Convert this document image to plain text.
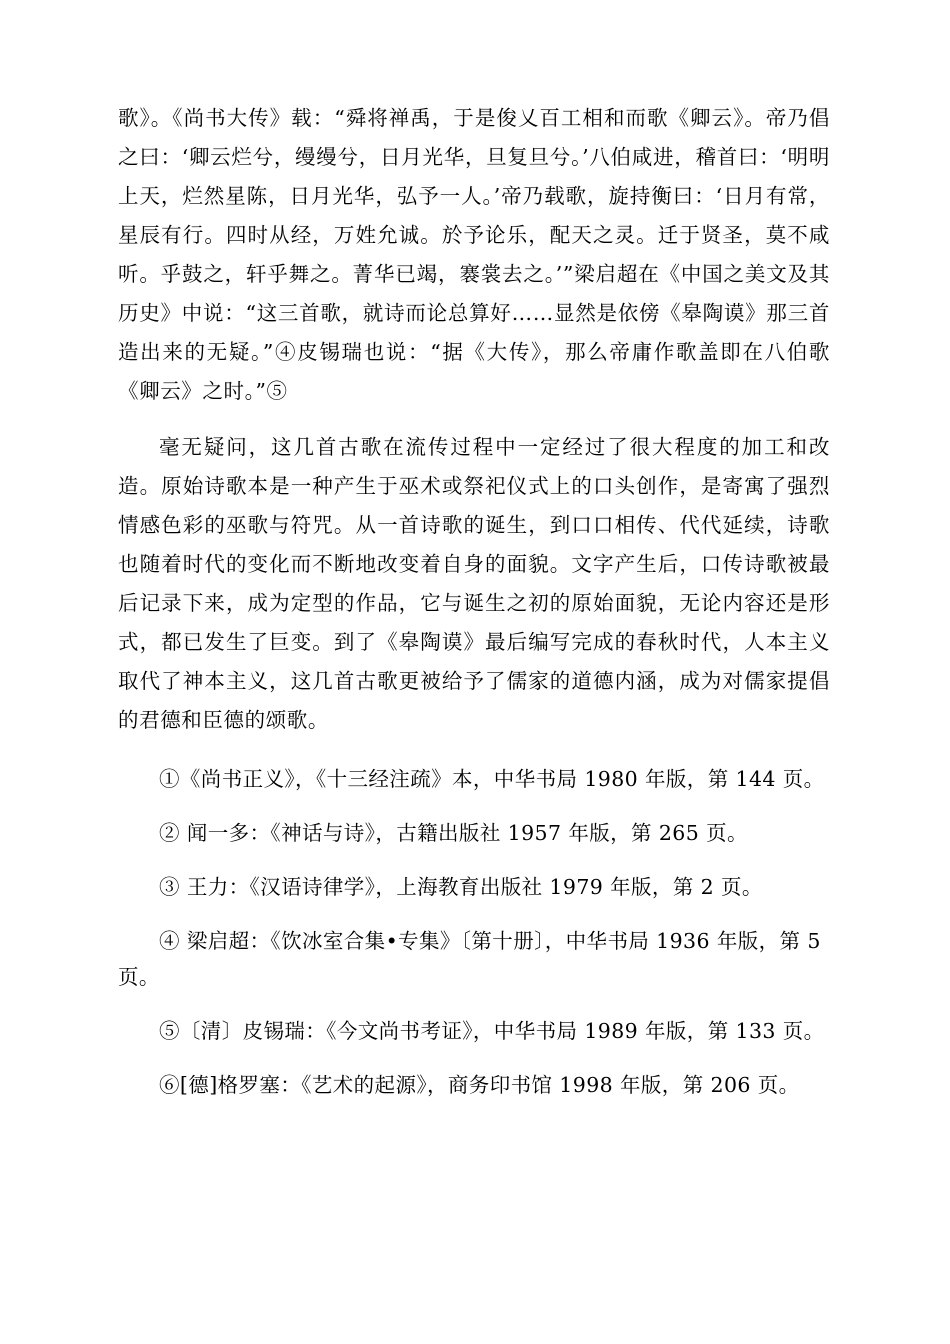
歌》。《尚书大传》载：“舜将禅禹，于是俊乂百工相和而歌《卿云》。帝乃倡之曰：‘卿云烂兮，缦缦兮，日月光华，旦复旦兮。’八伯咸进，稽首曰：‘明明上天，烂然星陈，日月光华，弘予一人。’帝乃载歌，旋持衡曰：‘日月有常，星辰有行。四时从经，万姓允诚。於予论乐，配天之灵。迁于贤圣，莫不咸听。乎鼓之，轩乎舞之。菁华已竭，褰裳去之。’”梁启超在《中国之美文及其历史》中说：“这三首歌，就诗而论总算好……显然是依傍《皋陶谟》那三首造出来的无疑。”④皮锡瑞也说：“据《大传》，那么帝庸作歌盖即在八伯歌《卿云》之时。”⑤

毫无疑问，这几首古歌在流传过程中一定经过了很大程度的加工和改造。原始诗歌本是一种产生于巫术或祭祀仪式上的口头创作，是寄寓了强烈情感色彩的巫歌与符咒。从一首诗歌的诞生，到口口相传、代代延续，诗歌也随着时代的变化而不断地改变着自身的面貌。文字产生后，口传诗歌被最后记录下来，成为定型的作品，它与诞生之初的原始面貌，无论内容还是形式，都已发生了巨变。到了《皋陶谟》最后编写完成的春秋时代，人本主义取代了神本主义，这几首古歌更被给予了儒家的道德内涵，成为对儒家提倡的君德和臣德的颂歌。

①《尚书正义》，《十三经注疏》本，中华书局 1980 年版，第 144 页。

② 闻一多：《神话与诗》，古籍出版社 1957 年版，第 265 页。

③ 王力：《汉语诗律学》，上海教育出版社 1979 年版，第 2 页。

④ 梁启超：《饮冰室合集•专集》〔第十册〕，中华书局 1936 年版，第 5 页。

⑤〔清〕皮锡瑞：《今文尚书考证》，中华书局 1989 年版，第 133 页。

⑥[德]格罗塞：《艺术的起源》，商务印书馆 1998 年版，第 206 页。
